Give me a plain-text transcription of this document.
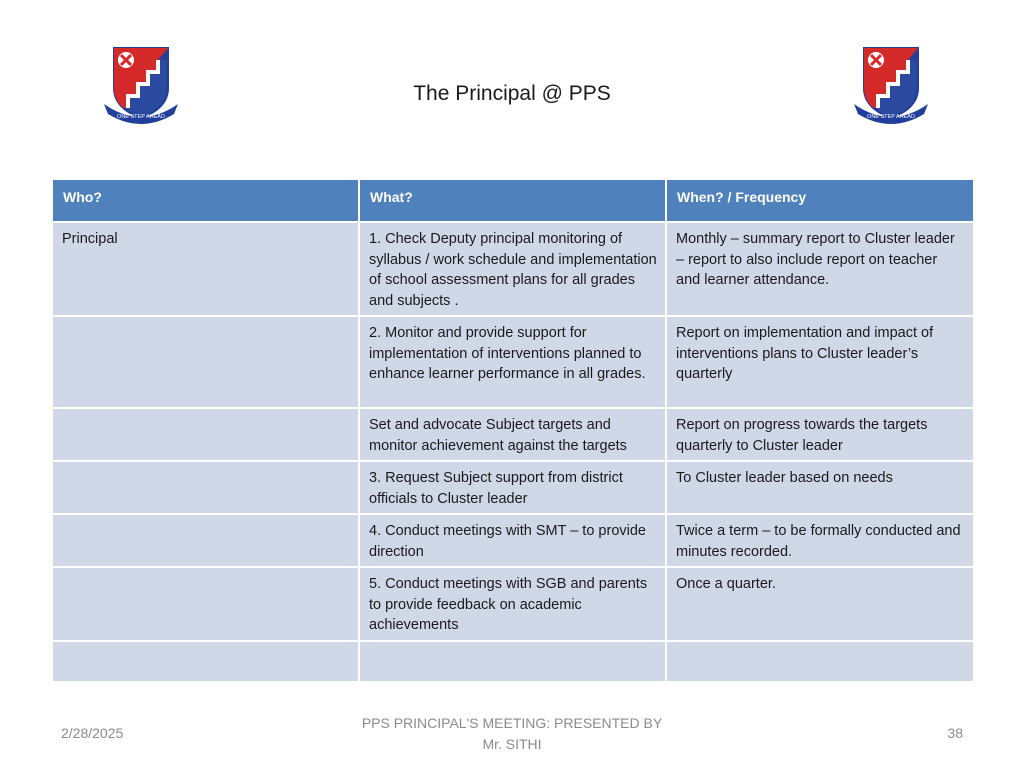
ONE STEP AHEAD	ONE STEP AHEAD
The Principal @ PPS
Who?	What?	When? / Frequency
Principal	1. Check Deputy principal monitoring of syllabus / work schedule and implementation of school assessment plans for all grades and subjects .	Monthly – summary report to Cluster leader – report to also include report on teacher and learner attendance.
	2. Monitor and provide support for implementation of interventions planned to enhance learner performance in all grades.	Report on implementation and impact of interventions plans to Cluster leader’s quarterly
	Set and advocate Subject targets and monitor achievement against the targets	Report on progress towards the targets quarterly to Cluster leader
	3. Request Subject support from district officials to Cluster leader	To Cluster leader based on needs
	4. Conduct meetings with SMT – to provide direction	Twice a term – to be formally conducted and minutes recorded.
	5. Conduct meetings with SGB and parents to provide feedback on academic achievements	Once a quarter.

2/28/2025
PPS PRINCIPAL'S MEETING: PRESENTED BY
Mr. SITHI
38
